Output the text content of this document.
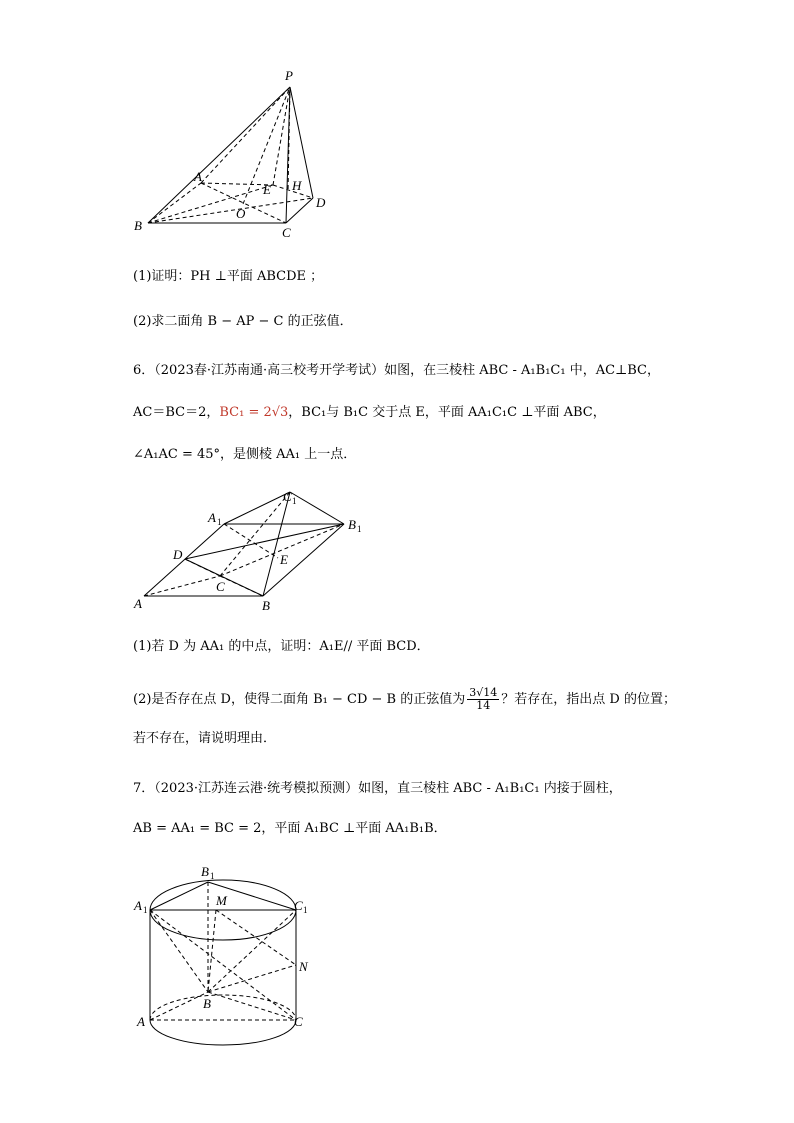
P
A
E H
D
B
O
C
(1)证明：PH ⊥平面 ABCDE ；
(2)求二面角 B − AP − C 的正弦值．
6．（2023春·江苏南通·高三校考开学考试）如图，在三棱柱 ABC - A₁B₁C₁ 中，AC⊥BC，
AC＝BC＝2，BC₁ = 2√3，BC₁与 B₁C 交于点 E，平面 AA₁C₁C ⊥平面 ABC，
∠A₁AC = 45°，是侧棱 AA₁ 上一点．
C 1
A 1	B 1
D	E
C
A	B
(1)若 D 为 AA₁ 的中点，证明：A₁E// 平面 BCD．
(2)是否存在点 D，使得二面角 B₁ − CD − B 的正弦值为 $\frac{3√14}{14}$ ？若存在，指出点 D 的位置；
若不存在，请说明理由．
7．（2023·江苏连云港·统考模拟预测）如图，直三棱柱 ABC - A₁B₁C₁ 内接于圆柱，
AB = AA₁ = BC = 2，平面 A₁BC ⊥平面 AA₁B₁B．
B 1
A 1
M	C 1
N
B
A	C
